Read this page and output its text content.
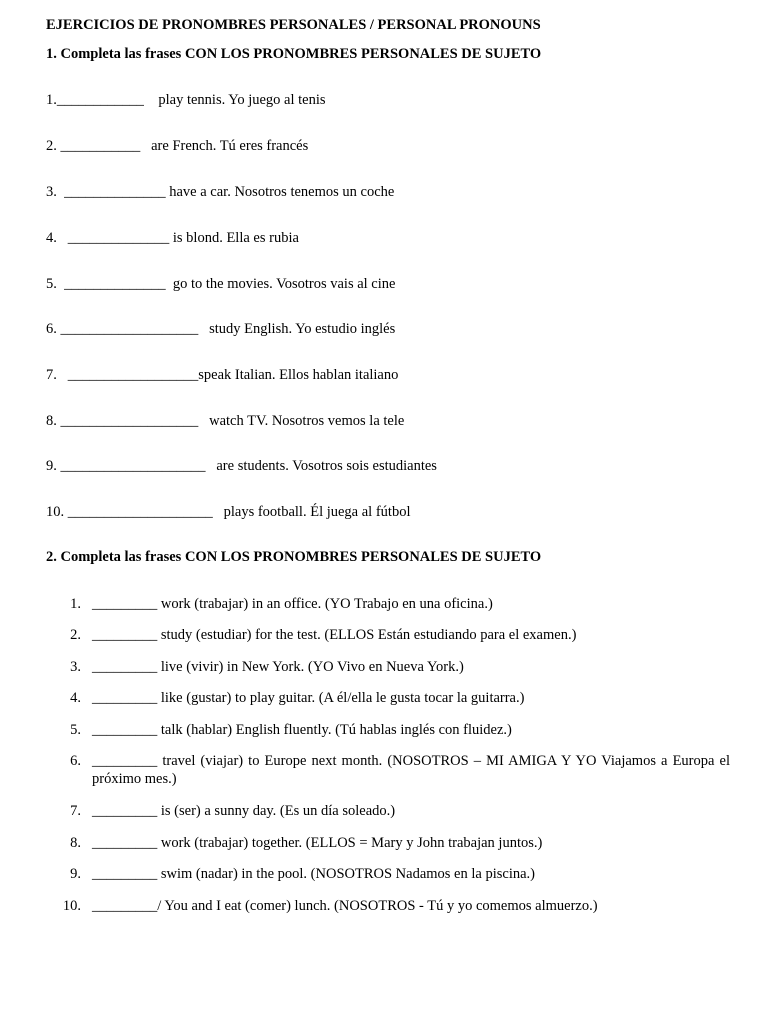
EJERCICIOS DE PRONOMBRES PERSONALES / PERSONAL PRONOUNS
1. Completa las frases CON LOS PRONOMBRES PERSONALES DE SUJETO
1.____________    play tennis. Yo juego al tenis
2. ___________   are French. Tú eres francés
3.  ______________ have a car. Nosotros tenemos un coche
4.   ______________ is blond. Ella es rubia
5.  ______________  go to the movies. Vosotros vais al cine
6. ___________________   study English. Yo estudio inglés
7.   __________________speak Italian. Ellos hablan italiano
8. ___________________   watch TV. Nosotros vemos la tele
9. ____________________   are students. Vosotros sois estudiantes
10. ____________________   plays football. Él juega al fútbol
2. Completa las frases CON LOS PRONOMBRES PERSONALES DE SUJETO
1. _________ work (trabajar) in an office. (YO Trabajo en una oficina.)
2. _________ study (estudiar) for the test. (ELLOS Están estudiando para el examen.)
3. _________ live (vivir) in New York. (YO Vivo en Nueva York.)
4. _________ like (gustar) to play guitar. (A él/ella le gusta tocar la guitarra.)
5. _________ talk (hablar) English fluently. (Tú hablas inglés con fluidez.)
6. _________ travel (viajar) to Europe next month. (NOSOTROS – MI AMIGA Y YO Viajamos a Europa el próximo mes.)
7. _________ is (ser) a sunny day. (Es un día soleado.)
8. _________ work (trabajar) together. (ELLOS = Mary y John trabajan juntos.)
9. _________ swim (nadar) in the pool. (NOSOTROS Nadamos en la piscina.)
10. _________/ You and I eat (comer) lunch. (NOSOTROS - Tú y yo comemos almuerzo.)
